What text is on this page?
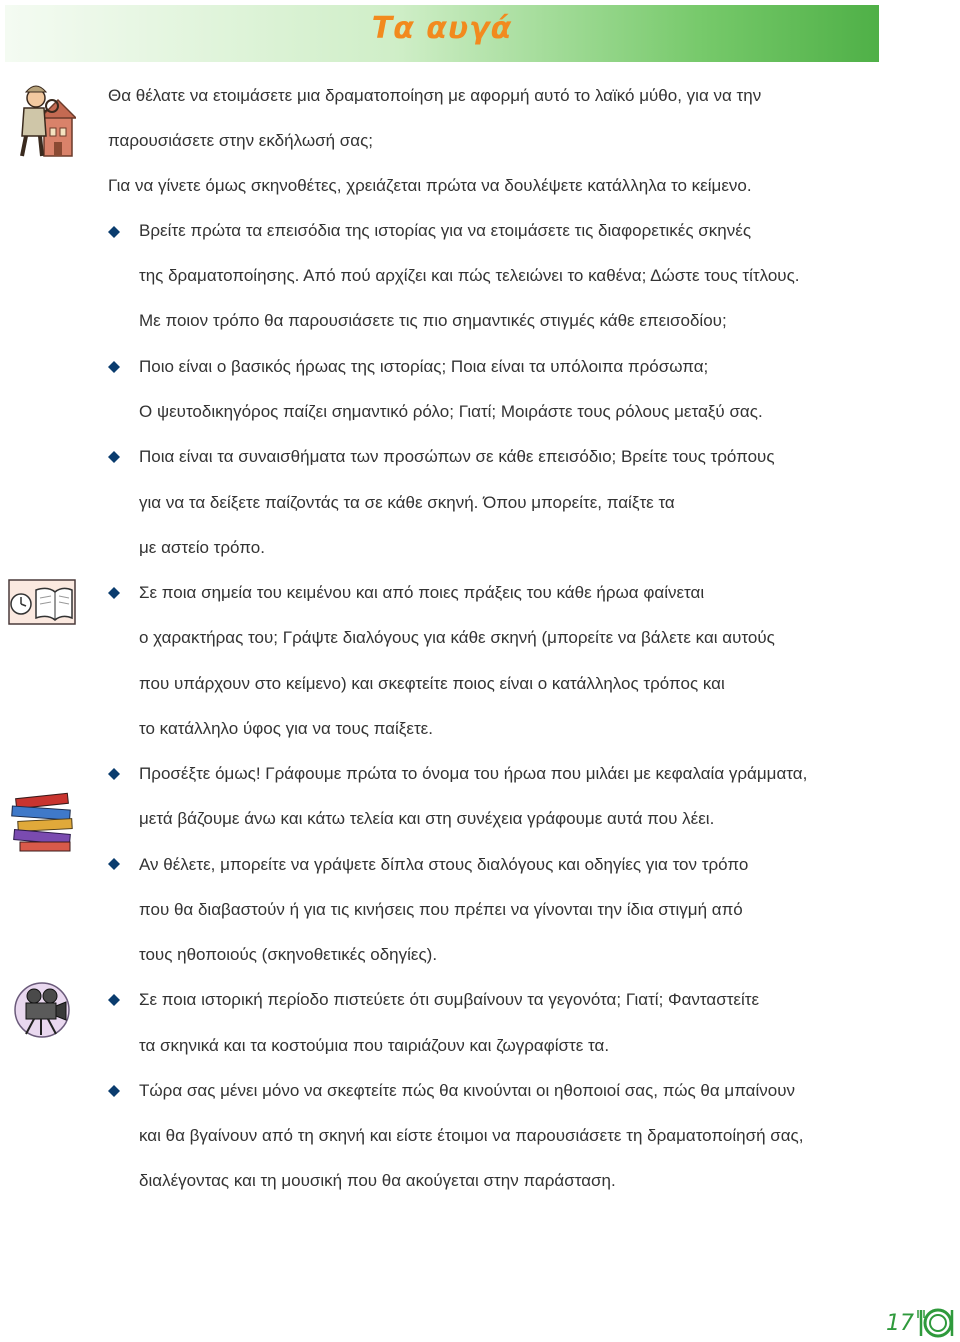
Τα αυγά
Θα θέλατε να ετοιμάσετε μια δραματοποίηση με αφορμή αυτό το λαϊκό μύθο, για να την
παρουσιάσετε στην εκδήλωσή σας;
Για να γίνετε όμως σκηνοθέτες, χρειάζεται πρώτα να δουλέψετε κατάλληλα το κείμενο.
Βρείτε πρώτα τα επεισόδια της ιστορίας για να ετοιμάσετε τις διαφορετικές σκηνές
της δραματοποίησης. Από πού αρχίζει και πώς τελειώνει το καθένα; Δώστε τους τίτλους.
Με ποιον τρόπο θα παρουσιάσετε τις πιο σημαντικές στιγμές κάθε επεισοδίου;
Ποιο είναι ο βασικός ήρωας της ιστορίας; Ποια είναι τα υπόλοιπα πρόσωπα;
Ο ψευτοδικηγόρος παίζει σημαντικό ρόλο; Γιατί; Μοιράστε τους ρόλους μεταξύ σας.
Ποια είναι τα συναισθήματα των προσώπων σε κάθε επεισόδιο; Βρείτε τους τρόπους
για να τα δείξετε παίζοντάς τα σε κάθε σκηνή. Όπου μπορείτε, παίξτε τα
με αστείο τρόπο.
Σε ποια σημεία του κειμένου και από ποιες πράξεις του κάθε ήρωα φαίνεται
ο χαρακτήρας του; Γράψτε διαλόγους για κάθε σκηνή (μπορείτε να βάλετε και αυτούς
που υπάρχουν στο κείμενο) και σκεφτείτε ποιος είναι ο κατάλληλος τρόπος και
το κατάλληλο ύφος για να τους παίξετε.
Προσέξτε όμως! Γράφουμε πρώτα το όνομα του ήρωα που μιλάει με κεφαλαία γράμματα,
μετά βάζουμε άνω και κάτω τελεία και στη συνέχεια γράφουμε αυτά που λέει.
Αν θέλετε, μπορείτε να γράψετε δίπλα στους διαλόγους και οδηγίες για τον τρόπο
που θα διαβαστούν ή για τις κινήσεις που πρέπει να γίνονται την ίδια στιγμή από
τους ηθοποιούς (σκηνοθετικές οδηγίες).
Σε ποια ιστορική περίοδο πιστεύετε ότι συμβαίνουν τα γεγονότα; Γιατί; Φανταστείτε
τα σκηνικά και τα κοστούμια που ταιριάζουν και ζωγραφίστε τα.
Τώρα σας μένει μόνο να σκεφτείτε πώς θα κινούνται οι ηθοποιοί σας, πώς θα μπαίνουν
και θα βγαίνουν από τη σκηνή και είστε έτοιμοι να παρουσιάσετε τη δραματοποίησή σας,
διαλέγοντας και τη μουσική που θα ακούγεται στην παράσταση.
17
